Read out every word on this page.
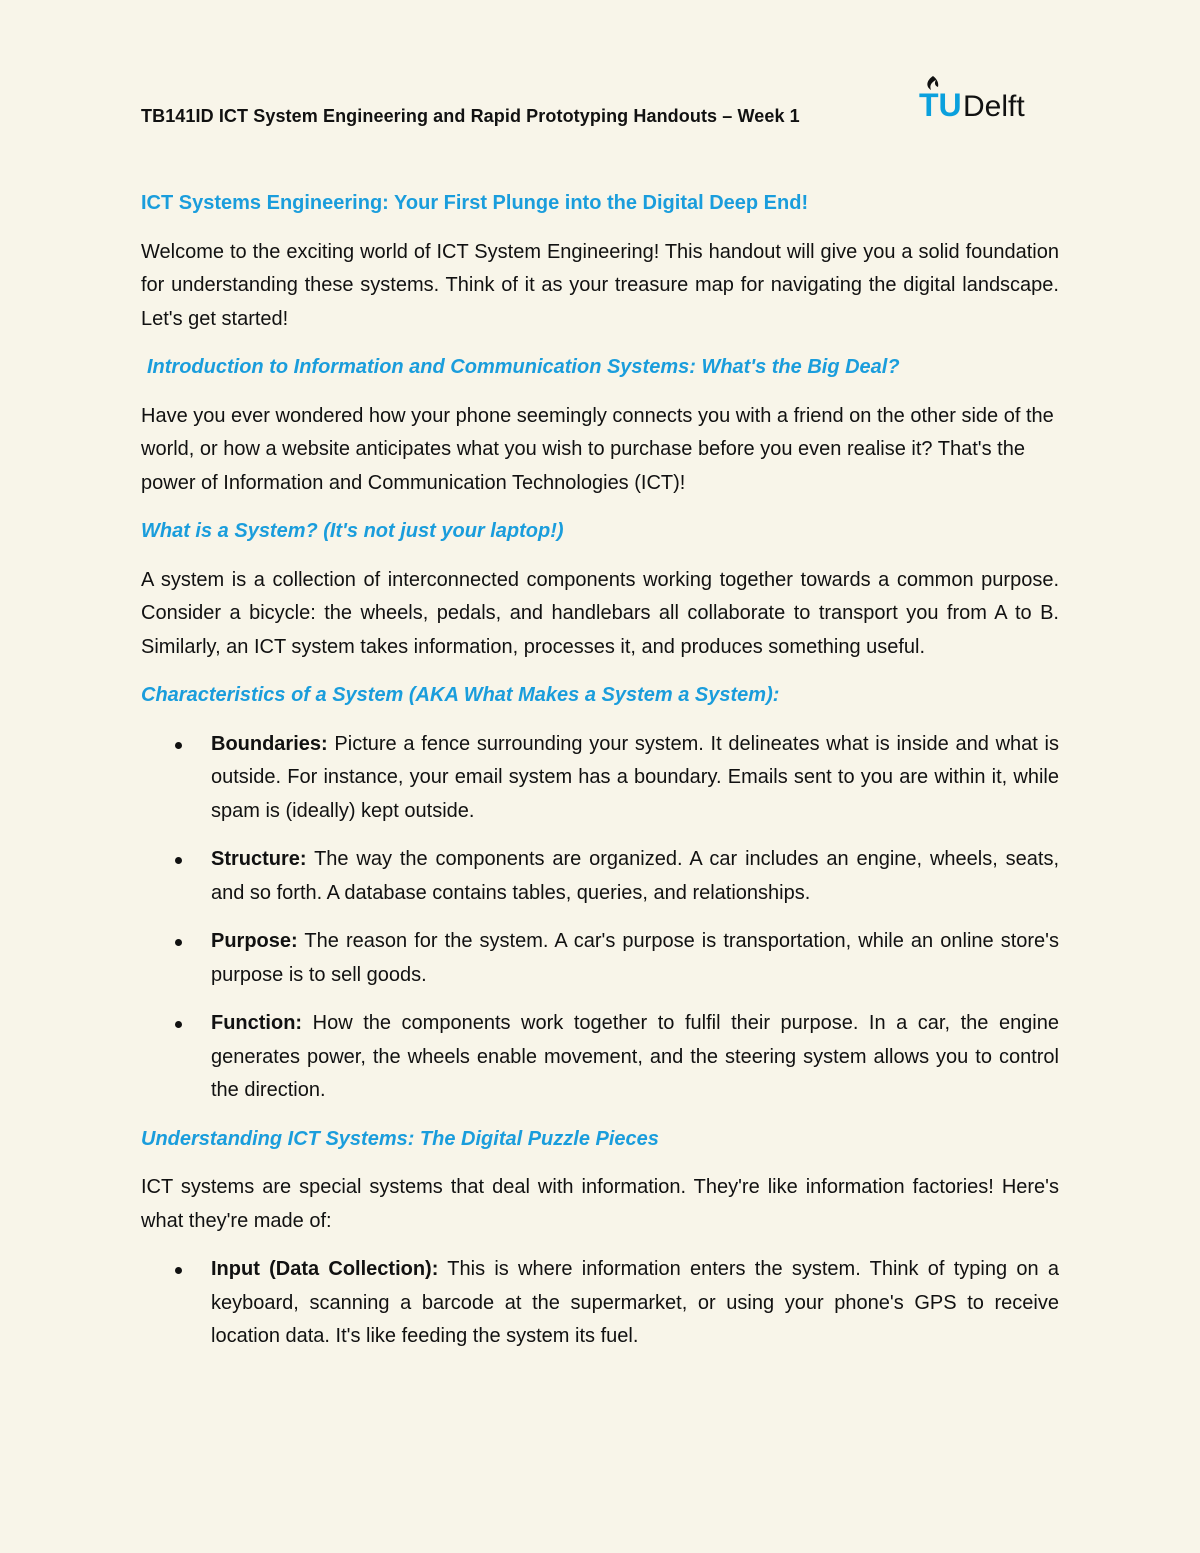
TB141ID ICT System Engineering and Rapid Prototyping Handouts – Week 1	TU Delft
ICT Systems Engineering: Your First Plunge into the Digital Deep End!

Welcome to the exciting world of ICT System Engineering! This handout will give you a solid foundation for understanding these systems. Think of it as your treasure map for navigating the digital landscape. Let's get started!

Introduction to Information and Communication Systems: What's the Big Deal?

Have you ever wondered how your phone seemingly connects you with a friend on the other side of the world, or how a website anticipates what you wish to purchase before you even realise it? That's the power of Information and Communication Technologies (ICT)!

What is a System? (It's not just your laptop!)

A system is a collection of interconnected components working together towards a common purpose. Consider a bicycle: the wheels, pedals, and handlebars all collaborate to transport you from A to B. Similarly, an ICT system takes information, processes it, and produces something useful.

Characteristics of a System (AKA What Makes a System a System):
Boundaries: Picture a fence surrounding your system. It delineates what is inside and what is outside. For instance, your email system has a boundary. Emails sent to you are within it, while spam is (ideally) kept outside.
Structure: The way the components are organized. A car includes an engine, wheels, seats, and so forth. A database contains tables, queries, and relationships.
Purpose: The reason for the system. A car's purpose is transportation, while an online store's purpose is to sell goods.
Function: How the components work together to fulfil their purpose. In a car, the engine generates power, the wheels enable movement, and the steering system allows you to control the direction.
Understanding ICT Systems: The Digital Puzzle Pieces

ICT systems are special systems that deal with information. They're like information factories! Here's what they're made of:

Input (Data Collection): This is where information enters the system. Think of typing on a keyboard, scanning a barcode at the supermarket, or using your phone's GPS to receive location data. It's like feeding the system its fuel.
